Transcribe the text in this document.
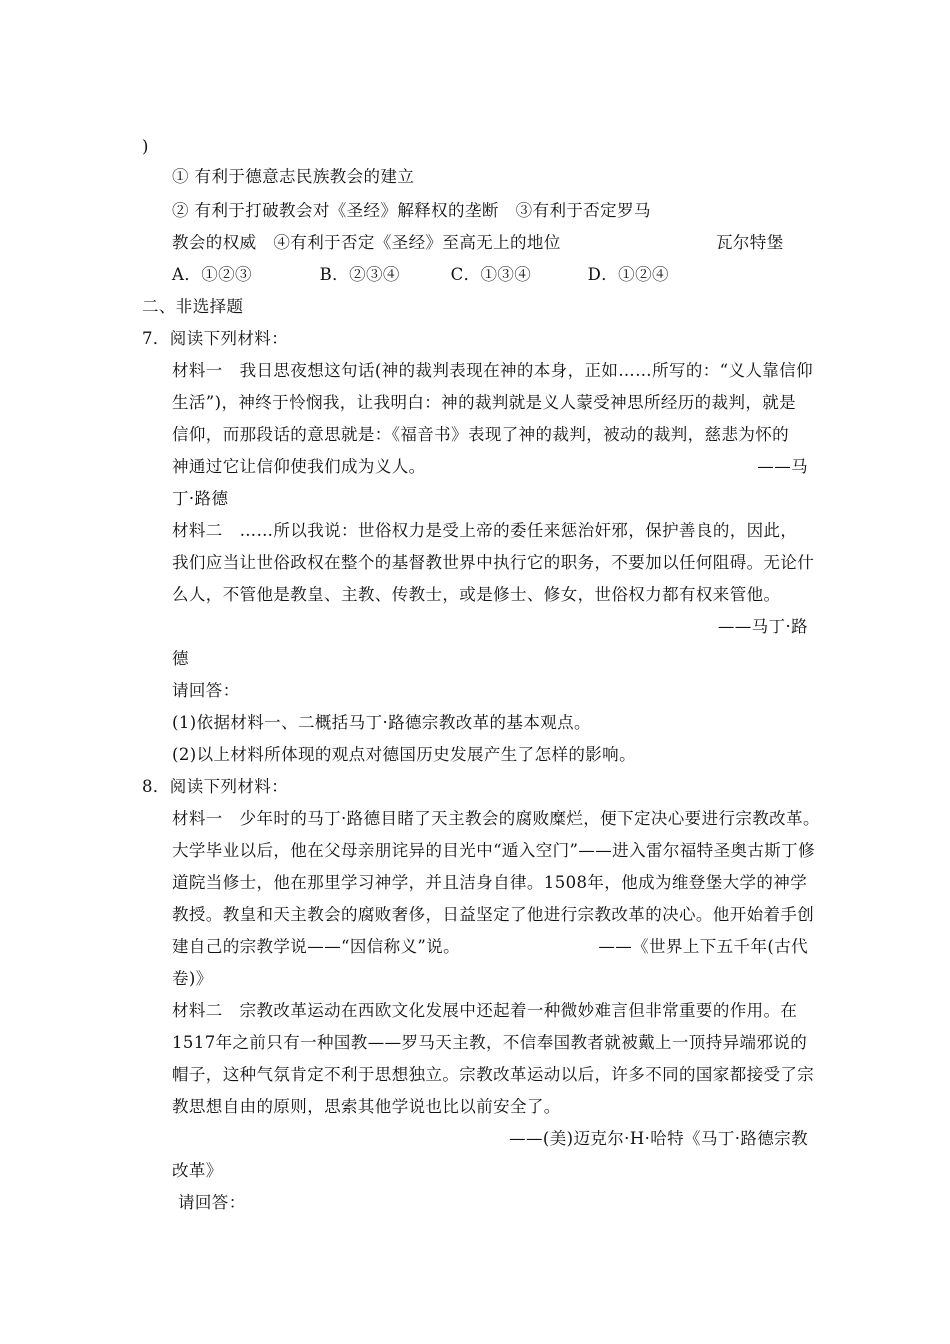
)
① 有利于德意志民族教会的建立
② 有利于打破教会对《圣经》解释权的垄断   ③有利于否定罗马
教会的权威   ④有利于否定《圣经》至高无上的地位	瓦尔特堡
A．①②③            B．②③④         C．①③④          D．①②④
二、非选择题
7．阅读下列材料：
材料一   我日思夜想这句话(神的裁判表现在神的本身，正如……所写的：“义人靠信仰
生活”)，神终于怜悯我，让我明白：神的裁判就是义人蒙受神思所经历的裁判，就是
信仰，而那段话的意思就是：《福音书》表现了神的裁判，被动的裁判，慈悲为怀的
神通过它让信仰使我们成为义人。	——马
丁·路德
材料二   ……所以我说：世俗权力是受上帝的委任来惩治奸邪，保护善良的，因此，
我们应当让世俗政权在整个的基督教世界中执行它的职务，不要加以任何阻碍。无论什
么人，不管他是教皇、主教、传教士，或是修士、修女，世俗权力都有权来管他。
——马丁·路
德
请回答：
(1)依据材料一、二概括马丁·路德宗教改革的基本观点。
(2)以上材料所体现的观点对德国历史发展产生了怎样的影响。
8．阅读下列材料：
材料一   少年时的马丁·路德目睹了天主教会的腐败糜烂，便下定决心要进行宗教改革。
大学毕业以后，他在父母亲朋诧异的目光中“遁入空门”——进入雷尔福特圣奥古斯丁修
道院当修士，他在那里学习神学，并且洁身自律。1508年，他成为维登堡大学的神学
教授。教皇和天主教会的腐败奢侈，日益坚定了他进行宗教改革的决心。他开始着手创
建自己的宗教学说——“因信称义”说。	——《世界上下五千年(古代
卷)》
材料二   宗教改革运动在西欧文化发展中还起着一种微妙难言但非常重要的作用。在
1517年之前只有一种国教——罗马天主教，不信奉国教者就被戴上一顶持异端邪说的
帽子，这种气氛肯定不利于思想独立。宗教改革运动以后，许多不同的国家都接受了宗
教思想自由的原则，思索其他学说也比以前安全了。
——(美)迈克尔·H·哈特《马丁·路德宗教
改革》
请回答：
